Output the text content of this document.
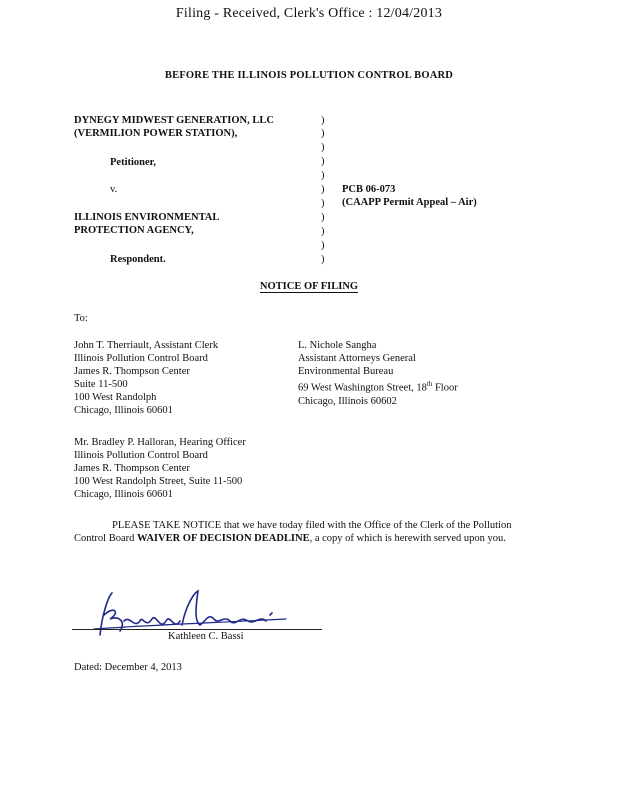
Filing - Received, Clerk's Office : 12/04/2013
BEFORE THE ILLINOIS POLLUTION CONTROL BOARD
DYNEGY MIDWEST GENERATION, LLC
(VERMILION POWER STATION),
Petitioner,
v.
ILLINOIS ENVIRONMENTAL
PROTECTION AGENCY,
Respondent.
)
)
)
)
)
)
)
)
)
)
)
PCB 06-073
(CAAPP Permit Appeal – Air)
NOTICE OF FILING
To:
John T. Therriault, Assistant Clerk
Illinois Pollution Control Board
James R. Thompson Center
Suite 11-500
100 West Randolph
Chicago, Illinois 60601
L. Nichole Sangha
Assistant Attorneys General
Environmental Bureau
69 West Washington Street, 18th Floor
Chicago, Illinois 60602
Mr. Bradley P. Halloran, Hearing Officer
Illinois Pollution Control Board
James R. Thompson Center
100 West Randolph Street, Suite 11-500
Chicago, Illinois 60601
PLEASE TAKE NOTICE that we have today filed with the Office of the Clerk of the Pollution Control Board WAIVER OF DECISION DEADLINE, a copy of which is herewith served upon you.
Kathleen C. Bassi
Dated: December 4, 2013
